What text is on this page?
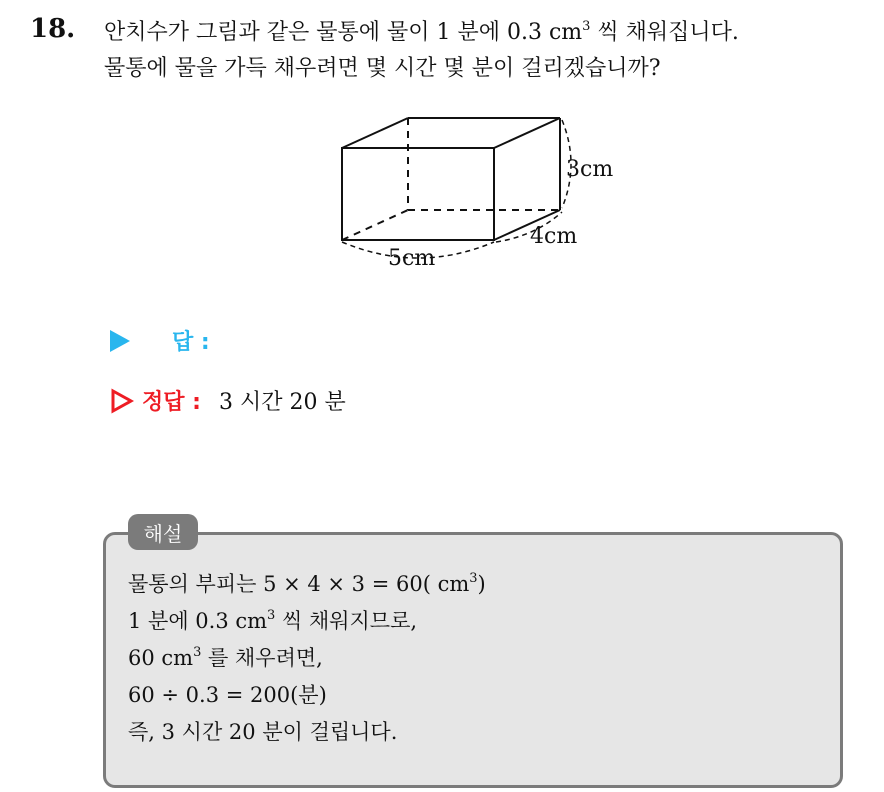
18. 안치수가 그림과 같은 물통에 물이 1 분에 0.3 $cm^3$ 씩 채워집니다.
물통에 물을 가득 채우려면 몇 시간 몇 분이 걸리겠습니까?
3cm
4cm
5cm
답 :
정답 : 3 시간 20 분
해설
물통의 부피는 5 × 4 × 3 = 60( $cm^3$)
1 분에 0.3 $cm^3$ 씩 채워지므로,
60 $cm^3$ 를 채우려면,
60 ÷ 0.3 = 200(분)
즉, 3 시간 20 분이 걸립니다.
